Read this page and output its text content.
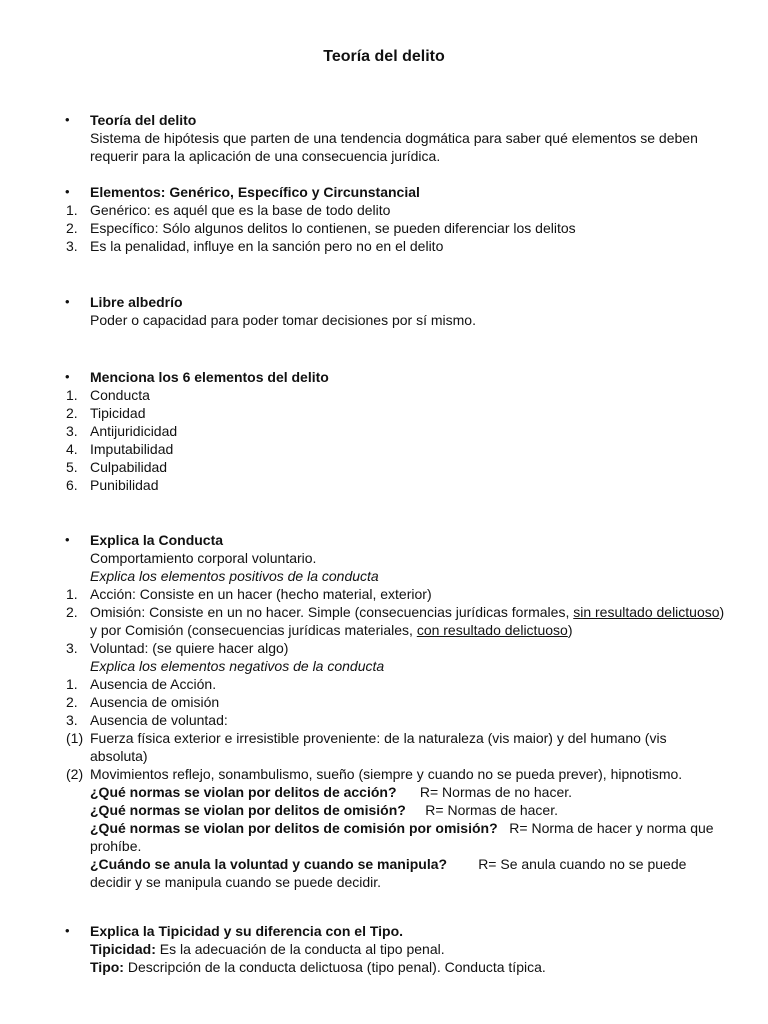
Teoría del delito
• Teoría del delito
Sistema de hipótesis que parten de una tendencia dogmática para saber qué elementos se deben requerir para la aplicación de una consecuencia jurídica.
• Elementos: Genérico, Específico y Circunstancial
1. Genérico: es aquél que es la base de todo delito
2. Específico: Sólo algunos delitos lo contienen, se pueden diferenciar los delitos
3. Es la penalidad, influye en la sanción pero no en el delito
• Libre albedrío
Poder o capacidad para poder tomar decisiones por sí mismo.
• Menciona los 6 elementos del delito
1. Conducta
2. Tipicidad
3. Antijuridicidad
4. Imputabilidad
5. Culpabilidad
6. Punibilidad
• Explica la Conducta
Comportamiento corporal voluntario.
Explica los elementos positivos de la conducta
1. Acción: Consiste en un hacer (hecho material, exterior)
2. Omisión: Consiste en un no hacer. Simple (consecuencias jurídicas formales, sin resultado delictuoso) y por Comisión (consecuencias jurídicas materiales, con resultado delictuoso)
3. Voluntad: (se quiere hacer algo)
Explica los elementos negativos de la conducta
1. Ausencia de Acción.
2. Ausencia de omisión
3. Ausencia de voluntad:
(1) Fuerza física exterior e irresistible proveniente: de la naturaleza (vis maior) y del humano (vis absoluta)
(2) Movimientos reflejo, sonambulismo, sueño (siempre y cuando no se pueda prever), hipnotismo.
¿Qué normas se violan por delitos de acción? R= Normas de no hacer.
¿Qué normas se violan por delitos de omisión? R= Normas de hacer.
¿Qué normas se violan por delitos de comisión por omisión? R= Norma de hacer y norma que prohíbe.
¿Cuándo se anula la voluntad y cuando se manipula? R= Se anula cuando no se puede decidir y se manipula cuando se puede decidir.
• Explica la Tipicidad y su diferencia con el Tipo.
Tipicidad: Es la adecuación de la conducta al tipo penal.
Tipo: Descripción de la conducta delictuosa (tipo penal). Conducta típica.
